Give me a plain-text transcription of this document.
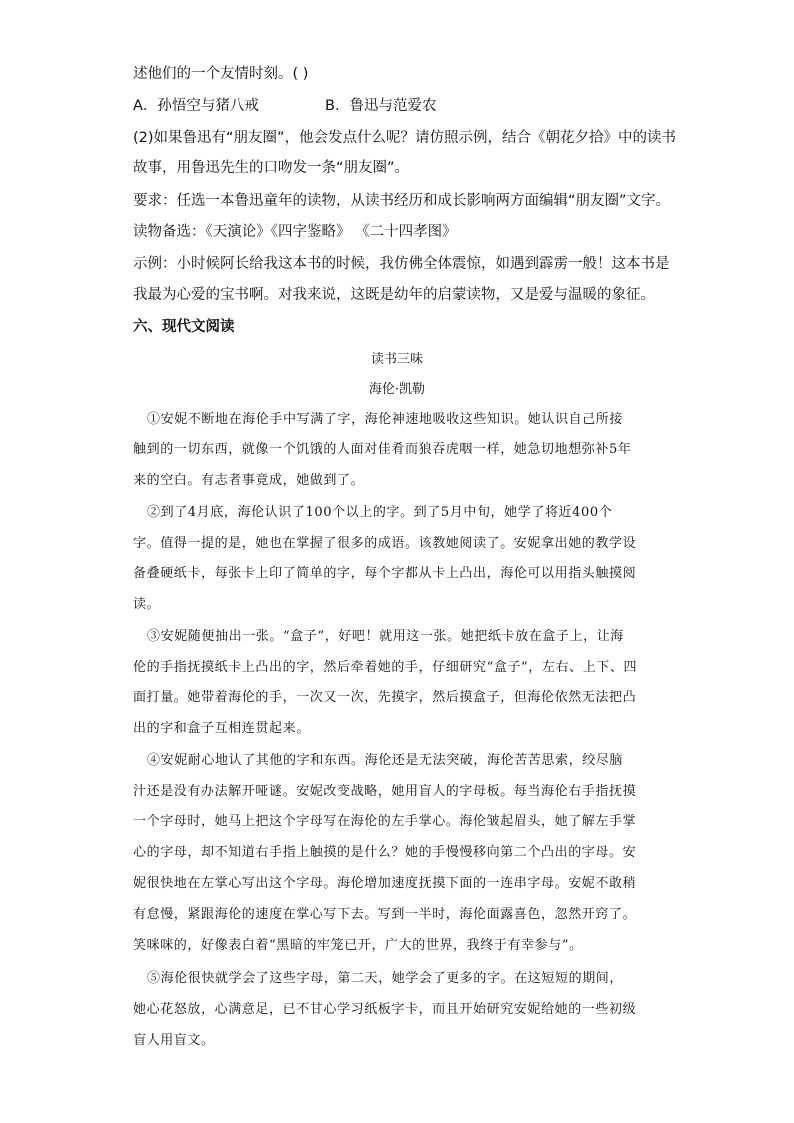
述他们的一个友情时刻。( )
A．孙悟空与猪八戒	B．鲁迅与范爱农
(2)如果鲁迅有“朋友圈”，他会发点什么呢？请仿照示例，结合《朝花夕拾》中的读书
故事，用鲁迅先生的口吻发一条“朋友圈”。
要求：任选一本鲁迅童年的读物，从读书经历和成长影响两方面编辑“朋友圈”文字。
读物备选：《天演论》《四字鉴略》 《二十四孝图》
示例：小时候阿长给我这本书的时候，我仿佛全体震惊，如遇到霹雳一般！这本书是
我最为心爱的宝书啊。对我来说，这既是幼年的启蒙读物，又是爱与温暖的象征。
六、现代文阅读
读书三味
海伦·凯勒
①安妮不断地在海伦手中写满了字，海伦神速地吸收这些知识。她认识自己所接
触到的一切东西，就像一个饥饿的人面对佳肴而狼吞虎咽一样，她急切地想弥补5年
来的空白。有志者事竟成，她做到了。
②到了4月底，海伦认识了100个以上的字。到了5月中旬，她学了将近400个
字。值得一提的是，她也在掌握了很多的成语。该教她阅读了。安妮拿出她的教学设
备叠硬纸卡，每张卡上印了简单的字，每个字都从卡上凸出，海伦可以用指头触摸阅
读。
③安妮随便抽出一张。“盒子”，好吧！就用这一张。她把纸卡放在盒子上，让海
伦的手指抚摸纸卡上凸出的字，然后牵着她的手，仔细研究“盒子”，左右、上下、四
面打量。她带着海伦的手，一次又一次，先摸字，然后摸盒子，但海伦依然无法把凸
出的字和盒子互相连贯起来。
④安妮耐心地认了其他的字和东西。海伦还是无法突破，海伦苦苦思索，绞尽脑
汁还是没有办法解开哑谜。安妮改变战略，她用盲人的字母板。每当海伦右手指抚摸
一个字母时，她马上把这个字母写在海伦的左手掌心。海伦皱起眉头，她了解左手掌
心的字母，却不知道右手指上触摸的是什么？她的手慢慢移向第二个凸出的字母。安
妮很快地在左掌心写出这个字母。海伦增加速度抚摸下面的一连串字母。安妮不敢稍
有怠慢，紧跟海伦的速度在掌心写下去。写到一半时，海伦面露喜色，忽然开窍了。
笑咪咪的，好像表白着“黑暗的牢笼已开，广大的世界，我终于有幸参与”。
⑤海伦很快就学会了这些字母，第二天，她学会了更多的字。在这短短的期间，
她心花怒放，心满意足，已不甘心学习纸板字卡，而且开始研究安妮给她的一些初级
盲人用盲文。
